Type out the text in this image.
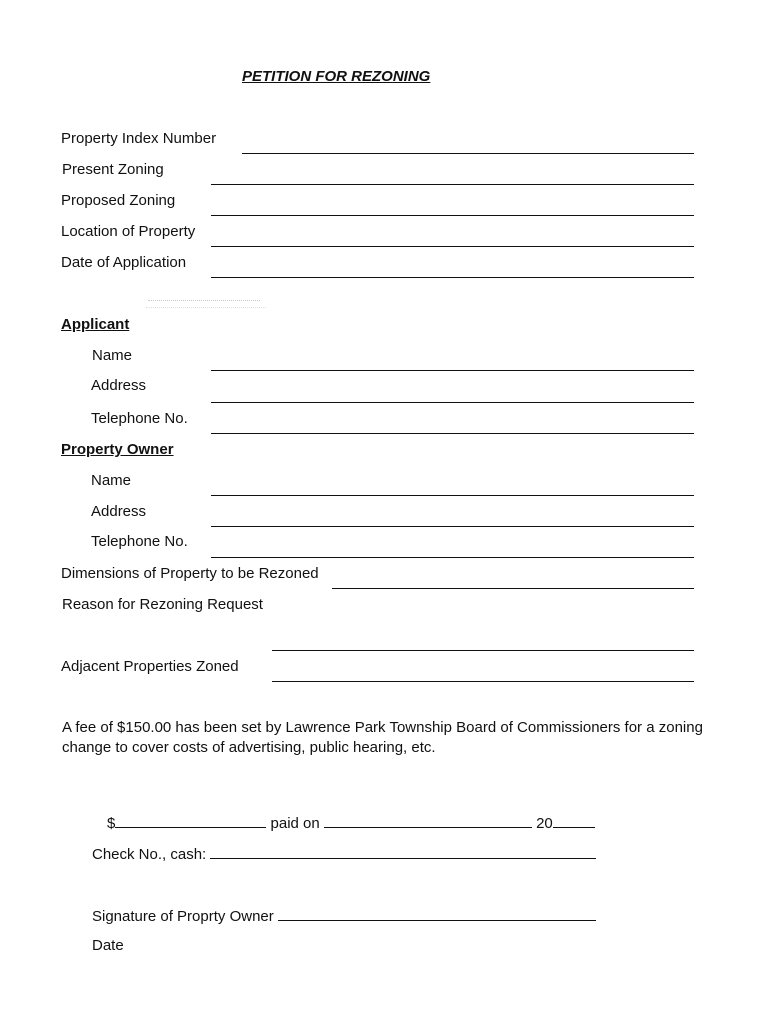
PETITION FOR REZONING
Property Index Number
Present Zoning
Proposed Zoning
Location of Property
Date of Application
Applicant
Name
Address
Telephone No.
Property Owner
Name
Address
Telephone No.
Dimensions of Property to be Rezoned
Reason for Rezoning Request
Adjacent Properties Zoned
A fee of $150.00 has been set by Lawrence Park Township Board of Commissioners for a zoning change to cover costs of advertising, public hearing, etc.
$	paid on	20
Check No., cash:
Signature of Proprty Owner
Date
